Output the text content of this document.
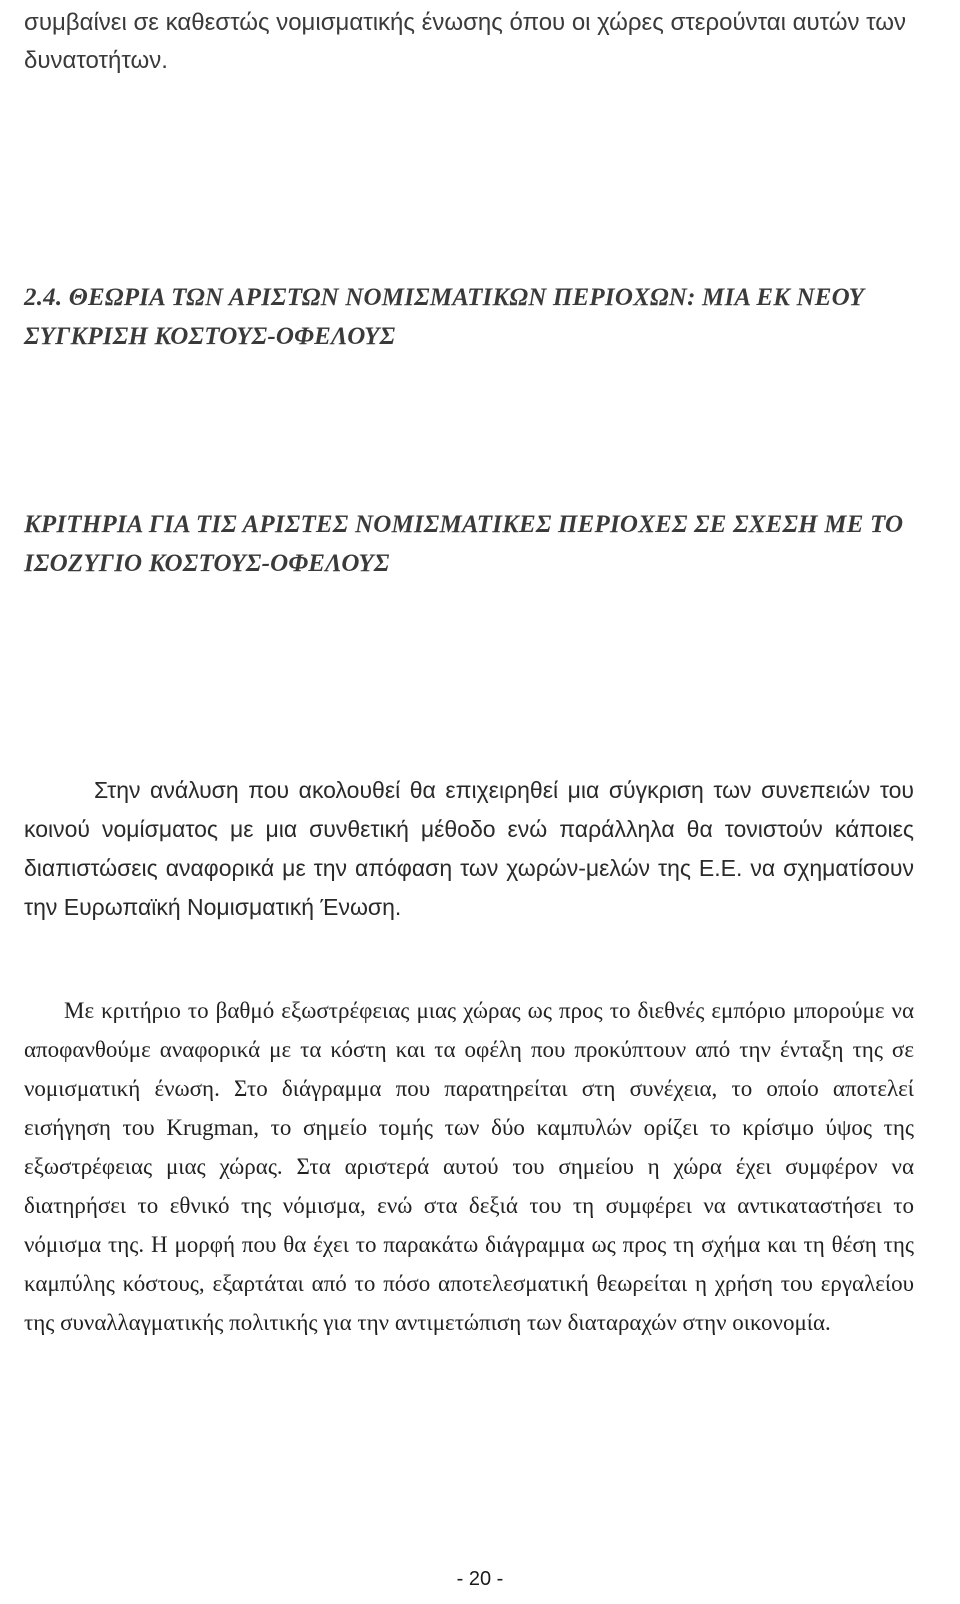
συμβαίνει σε καθεστώς νομισματικής ένωσης όπου οι χώρες στερούνται αυτών των δυνατοτήτων.

2.4. ΘΕΩΡΙΑ ΤΩΝ ΑΡΙΣΤΩΝ ΝΟΜΙΣΜΑΤΙΚΩΝ ΠΕΡΙΟΧΩΝ: ΜΙΑ ΕΚ ΝΕΟΥ ΣΥΓΚΡΙΣΗ ΚΟΣΤΟΥΣ-ΟΦΕΛΟΥΣ
ΚΡΙΤΗΡΙΑ ΓΙΑ ΤΙΣ ΑΡΙΣΤΕΣ ΝΟΜΙΣΜΑΤΙΚΕΣ ΠΕΡΙΟΧΕΣ ΣΕ ΣΧΕΣΗ ΜΕ ΤΟ ΙΣΟΖΥΓΙΟ ΚΟΣΤΟΥΣ-ΟΦΕΛΟΥΣ

Στην ανάλυση που ακολουθεί θα επιχειρηθεί μια σύγκριση των συνεπειών του κοινού νομίσματος με μια συνθετική μέθοδο ενώ παράλληλα θα τονιστούν κάποιες διαπιστώσεις αναφορικά με την απόφαση των χωρών-μελών της Ε.Ε. να σχηματίσουν την Ευρωπαϊκή Νομισματική Ένωση.

Με κριτήριο το βαθμό εξωστρέφειας μιας χώρας ως προς το διεθνές εμπόριο μπορούμε να αποφανθούμε αναφορικά με τα κόστη και τα οφέλη που προκύπτουν από την ένταξη της σε νομισματική ένωση. Στο διάγραμμα που παρατηρείται στη συνέχεια, το οποίο αποτελεί εισήγηση του Krugman, το σημείο τομής των δύο καμπυλών ορίζει το κρίσιμο ύψος της εξωστρέφειας μιας χώρας. Στα αριστερά αυτού του σημείου η χώρα έχει συμφέρον να διατηρήσει το εθνικό της νόμισμα, ενώ στα δεξιά του τη συμφέρει να αντικαταστήσει το νόμισμα της. Η μορφή που θα έχει το παρακάτω διάγραμμα ως προς τη σχήμα και τη θέση της καμπύλης κόστους, εξαρτάται από το πόσο αποτελεσματική θεωρείται η χρήση του εργαλείου της συναλλαγματικής πολιτικής για την αντιμετώπιση των διαταραχών στην οικονομία.

- 20 -
